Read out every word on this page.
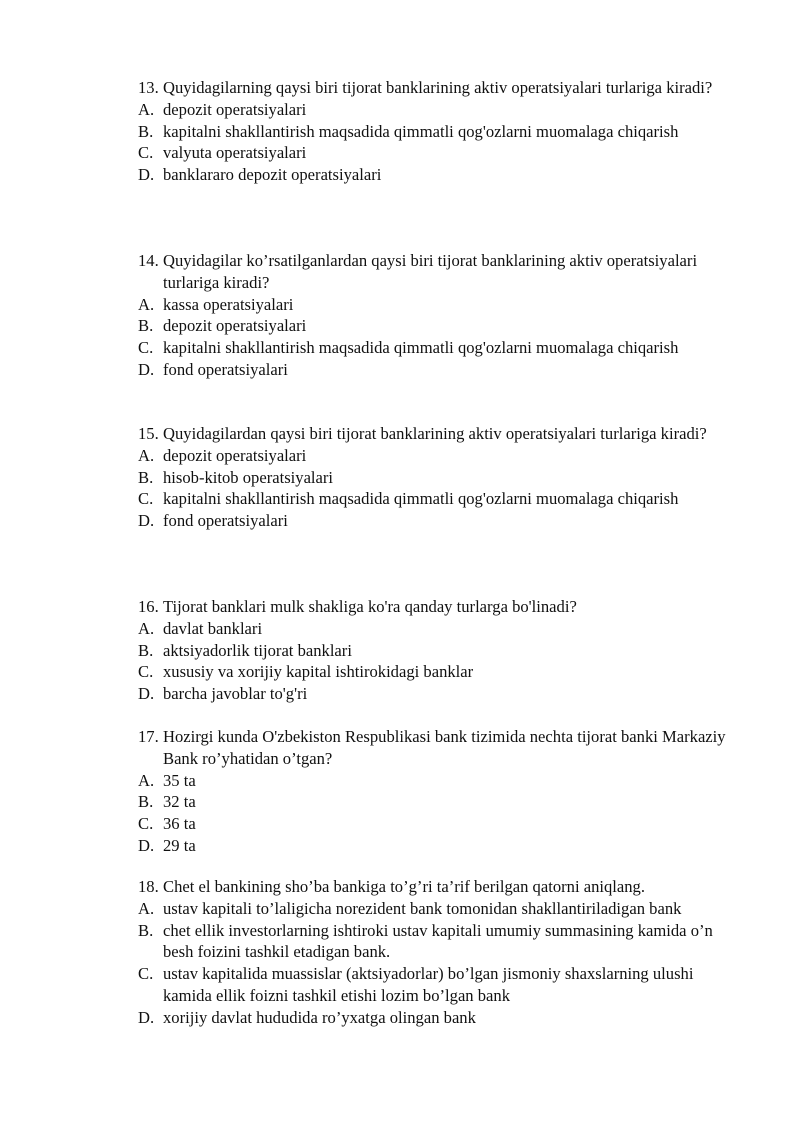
13. Quyidagilarning qaysi biri tijorat banklarining aktiv operatsiyalari turlariga kiradi?
A. depozit operatsiyalari
B. kapitalni shakllantirish maqsadida qimmatli qog'ozlarni muomalaga chiqarish
C. valyuta operatsiyalari
D. banklararo depozit operatsiyalari
14. Quyidagilar ko’rsatilganlardan qaysi biri tijorat banklarining aktiv operatsiyalari turlariga kiradi?
A. kassa operatsiyalari
B. depozit operatsiyalari
C. kapitalni shakllantirish maqsadida qimmatli qog'ozlarni muomalaga chiqarish
D. fond operatsiyalari
15. Quyidagilardan qaysi biri tijorat banklarining aktiv operatsiyalari turlariga kiradi?
A. depozit operatsiyalari
B. hisob-kitob operatsiyalari
C. kapitalni shakllantirish maqsadida qimmatli qog'ozlarni muomalaga chiqarish
D. fond operatsiyalari
16. Tijorat banklari mulk shakliga ko'ra qanday turlarga bo'linadi?
A. davlat banklari
B. aktsiyadorlik tijorat banklari
C. xususiy va xorijiy kapital ishtirokidagi banklar
D. barcha javoblar to'g'ri
17. Hozirgi kunda O'zbekiston Respublikasi bank tizimida nechta tijorat banki Markaziy Bank ro’yhatidan o’tgan?
A. 35 ta
B. 32 ta
C. 36 ta
D. 29 ta
18. Chet el bankining sho’ba bankiga to’g’ri ta’rif berilgan qatorni aniqlang.
A. ustav kapitali to’laligicha norezident bank tomonidan shakllantiriladigan bank
B. chet ellik investorlarning ishtiroki ustav kapitali umumiy summasining kamida o’n besh foizini tashkil etadigan bank.
C. ustav kapitalida muassislar (aktsiyadorlar) bo’lgan jismoniy shaxslarning ulushi kamida ellik foizni tashkil etishi lozim bo’lgan bank
D. xorijiy davlat hududida ro’yxatga olingan bank
